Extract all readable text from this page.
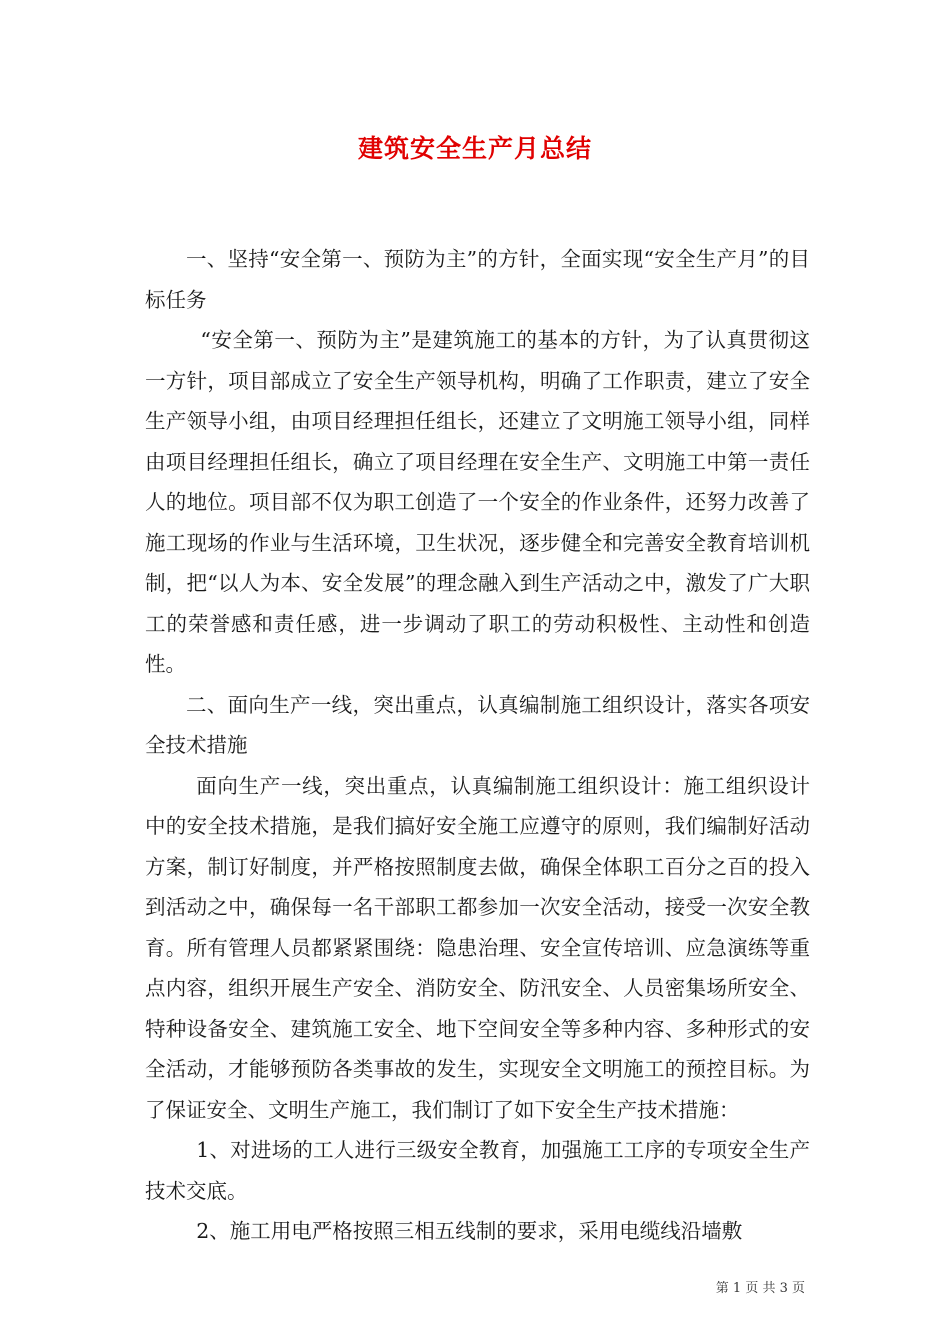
建筑安全生产月总结

一、坚持“安全第一、预防为主”的方针，全面实现“安全生产月”的目标任务

“安全第一、预防为主”是建筑施工的基本的方针，为了认真贯彻这一方针，项目部成立了安全生产领导机构，明确了工作职责，建立了安全生产领导小组，由项目经理担任组长，还建立了文明施工领导小组，同样由项目经理担任组长，确立了项目经理在安全生产、文明施工中第一责任人的地位。项目部不仅为职工创造了一个安全的作业条件，还努力改善了施工现场的作业与生活环境，卫生状况，逐步健全和完善安全教育培训机制，把“以人为本、安全发展”的理念融入到生产活动之中，激发了广大职工的荣誉感和责任感，进一步调动了职工的劳动积极性、主动性和创造性。

二、面向生产一线，突出重点，认真编制施工组织设计，落实各项安全技术措施

面向生产一线，突出重点，认真编制施工组织设计：施工组织设计中的安全技术措施，是我们搞好安全施工应遵守的原则，我们编制好活动方案，制订好制度，并严格按照制度去做，确保全体职工百分之百的投入到活动之中，确保每一名干部职工都参加一次安全活动，接受一次安全教育。所有管理人员都紧紧围绕：隐患治理、安全宣传培训、应急演练等重点内容，组织开展生产安全、消防安全、防汛安全、人员密集场所安全、特种设备安全、建筑施工安全、地下空间安全等多种内容、多种形式的安全活动，才能够预防各类事故的发生，实现安全文明施工的预控目标。为了保证安全、文明生产施工，我们制订了如下安全生产技术措施：

1、对进场的工人进行三级安全教育，加强施工工序的专项安全生产技术交底。

2、施工用电严格按照三相五线制的要求，采用电缆线沿墙敷

第 1 页 共 3 页
